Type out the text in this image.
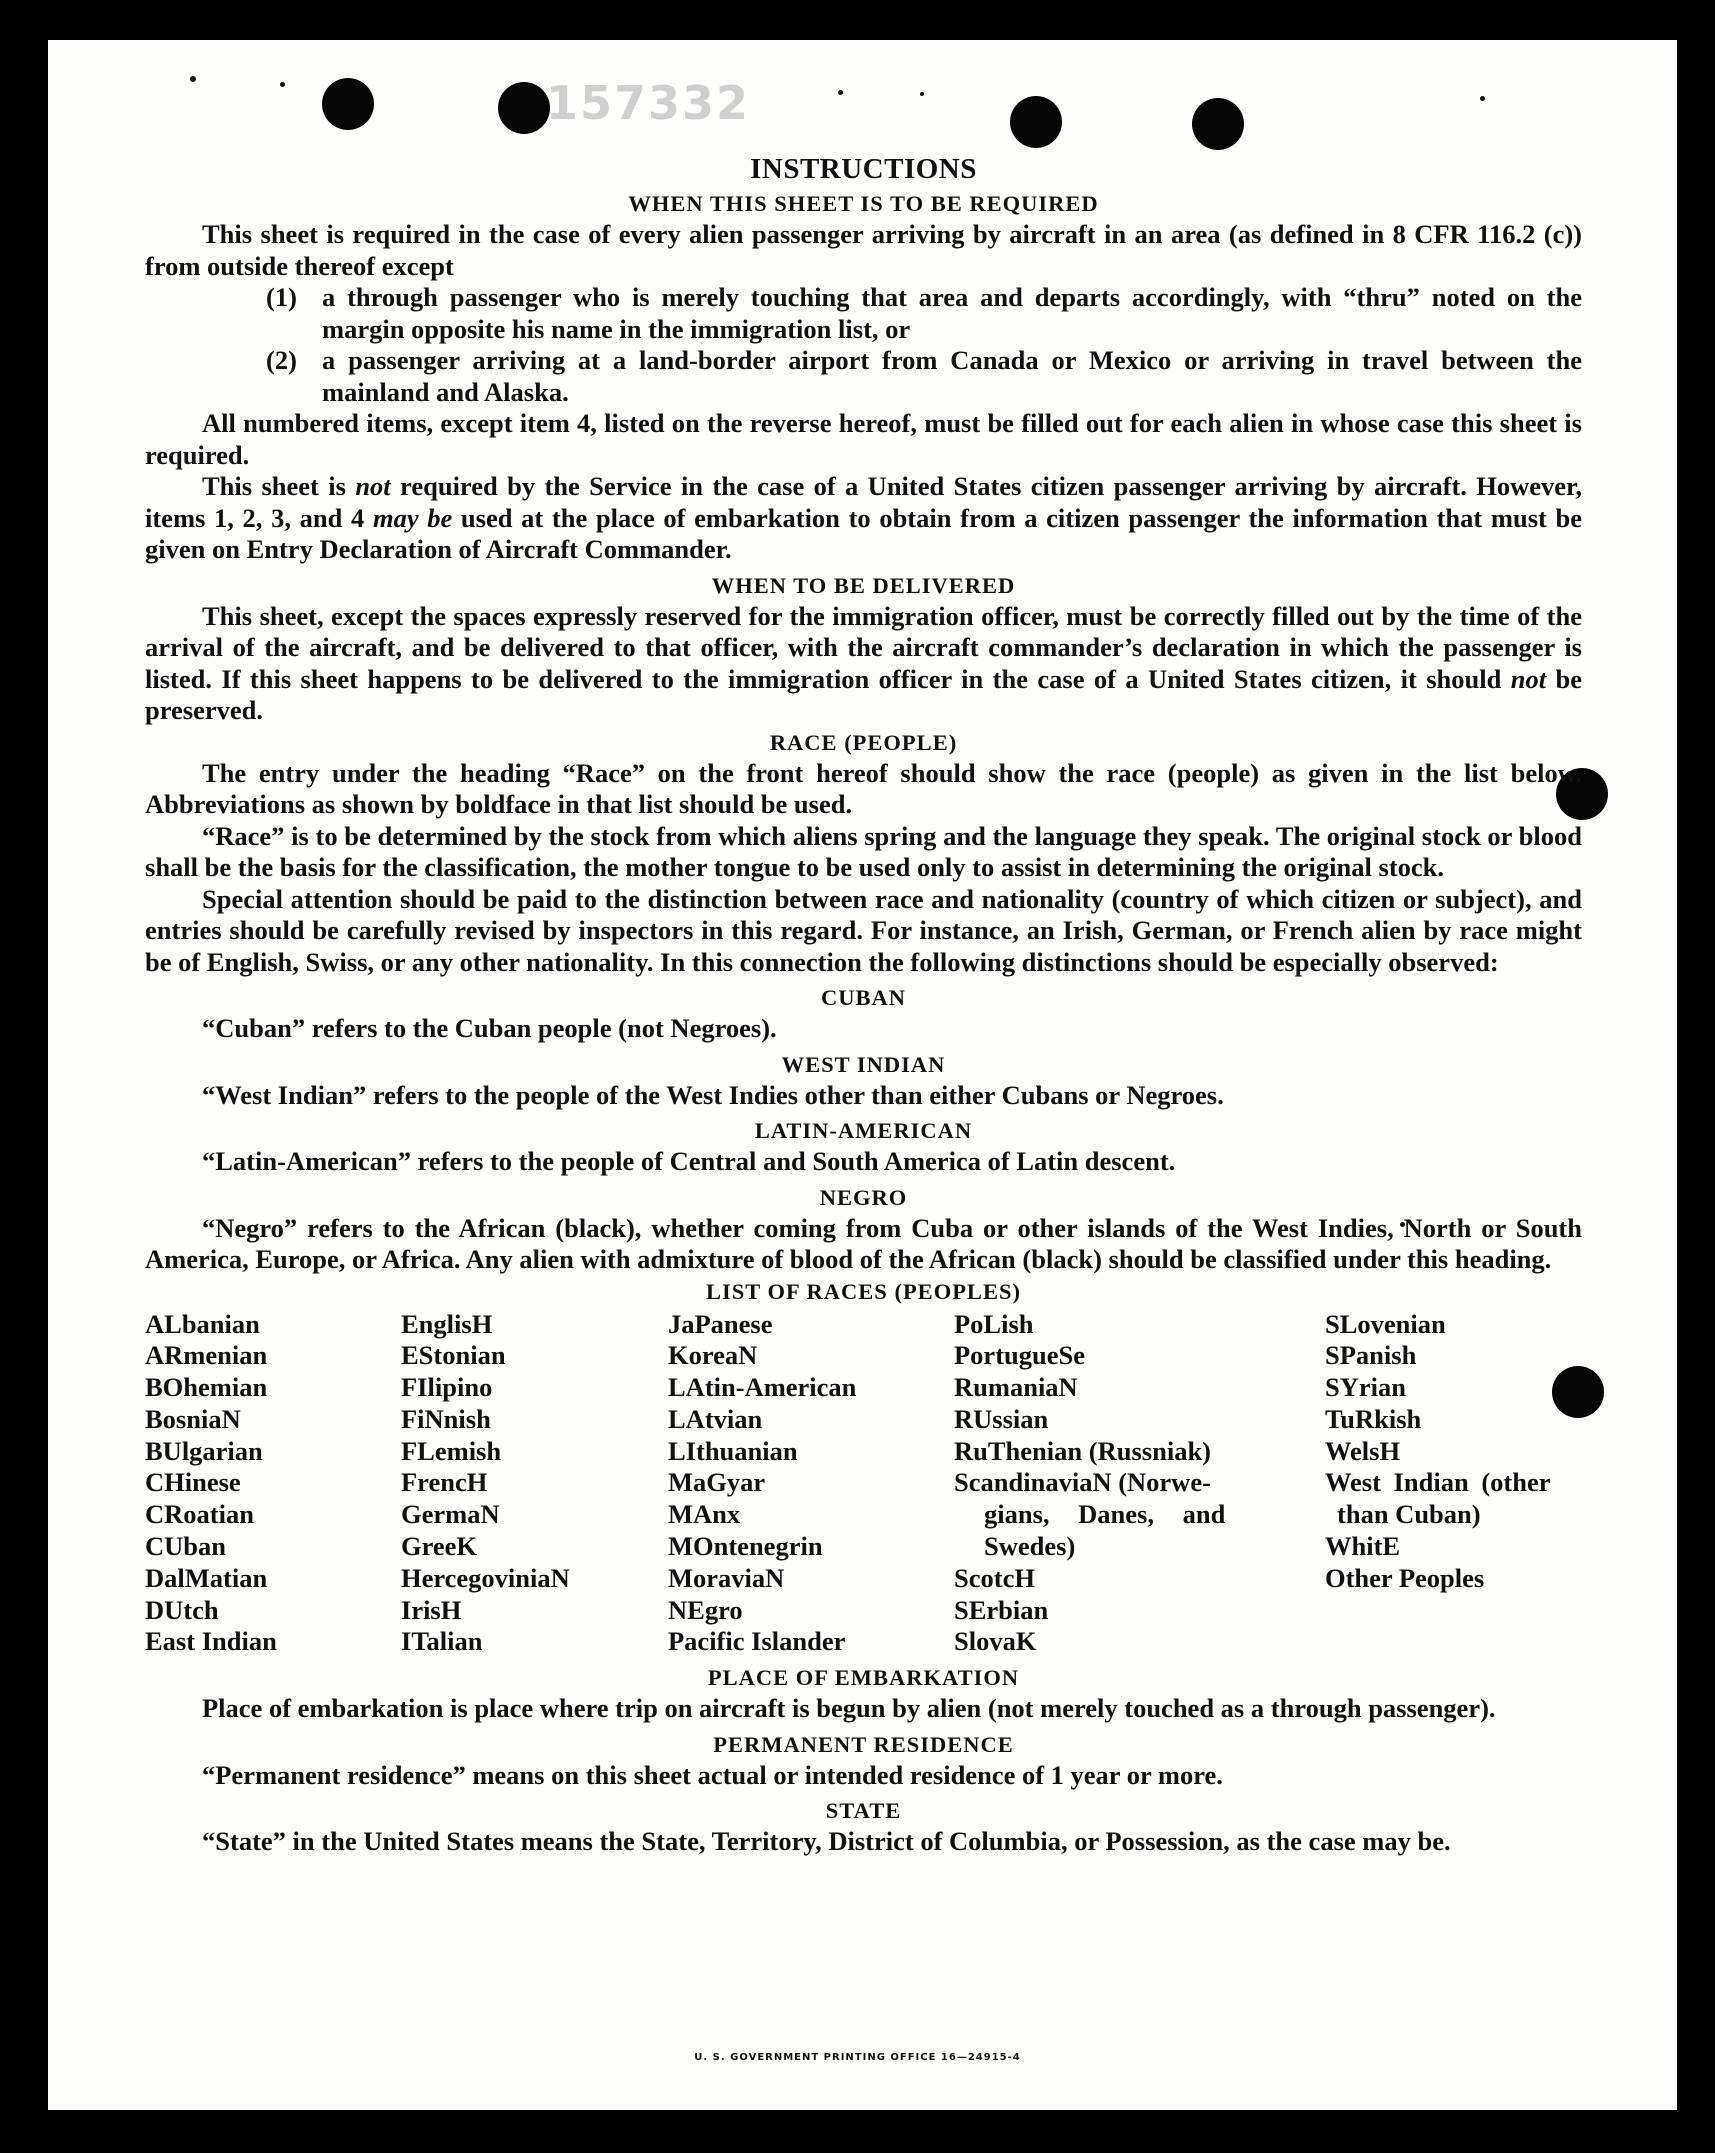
157332
INSTRUCTIONS
WHEN THIS SHEET IS TO BE REQUIRED

This sheet is required in the case of every alien passenger arriving by aircraft in an area (as defined in 8 CFR 116.2 (c)) from outside thereof except

(1) a through passenger who is merely touching that area and departs accordingly, with “thru” noted on the margin opposite his name in the immigration list, or
(2) a passenger arriving at a land-border airport from Canada or Mexico or arriving in travel between the mainland and Alaska.

All numbered items, except item 4, listed on the reverse hereof, must be filled out for each alien in whose case this sheet is required.

This sheet is not required by the Service in the case of a United States citizen passenger arriving by aircraft. However, items 1, 2, 3, and 4 may be used at the place of embarkation to obtain from a citizen passenger the information that must be given on Entry Declaration of Aircraft Commander.

WHEN TO BE DELIVERED

This sheet, except the spaces expressly reserved for the immigration officer, must be correctly filled out by the time of the arrival of the aircraft, and be delivered to that officer, with the aircraft commander’s declaration in which the passenger is listed. If this sheet happens to be delivered to the immigration officer in the case of a United States citizen, it should not be preserved.

RACE (PEOPLE)

The entry under the heading “Race” on the front hereof should show the race (people) as given in the list below. Abbreviations as shown by boldface in that list should be used.

“Race” is to be determined by the stock from which aliens spring and the language they speak. The original stock or blood shall be the basis for the classification, the mother tongue to be used only to assist in determining the original stock.

Special attention should be paid to the distinction between race and nationality (country of which citizen or subject), and entries should be carefully revised by inspectors in this regard. For instance, an Irish, German, or French alien by race might be of English, Swiss, or any other nationality. In this connection the following distinctions should be especially observed:

CUBAN

“Cuban” refers to the Cuban people (not Negroes).

WEST INDIAN

“West Indian” refers to the people of the West Indies other than either Cubans or Negroes.

LATIN-AMERICAN

“Latin-American” refers to the people of Central and South America of Latin descent.

NEGRO

“Negro” refers to the African (black), whether coming from Cuba or other islands of the West Indies, North or South America, Europe, or Africa. Any alien with admixture of blood of the African (black) should be classified under this heading.

LIST OF RACES (PEOPLES)
ALbanian
ARmenian
BOhemian
BosniaN
BUlgarian
CHinese
CRoatian
CUban
DalMatian
DUtch
East Indian
EnglisH
EStonian
FIlipino
FiNnish
FLemish
FrencH
GermaN
GreeK
HercegoviniaN
IrisH
ITalian
JaPanese
KoreaN
LAtin-American
LAtvian
LIthuanian
MaGyar
MAnx
MOntenegrin
MoraviaN
NEgro
Pacific Islander
PoLish
PortugueSe
RumaniaN
RUssian
RuThenian (Russniak)
ScandinaviaN (Norwe-
gians, Danes, and
Swedes)
ScotcH
SErbian
SlovaK
SLovenian
SPanish
SYrian
TuRkish
WelsH
West Indian (other
than Cuban)
WhitE
Other Peoples
PLACE OF EMBARKATION

Place of embarkation is place where trip on aircraft is begun by alien (not merely touched as a through passenger).

PERMANENT RESIDENCE

“Permanent residence” means on this sheet actual or intended residence of 1 year or more.

STATE

“State” in the United States means the State, Territory, District of Columbia, or Possession, as the case may be.

U. S. GOVERNMENT PRINTING OFFICE 16—24915-4
